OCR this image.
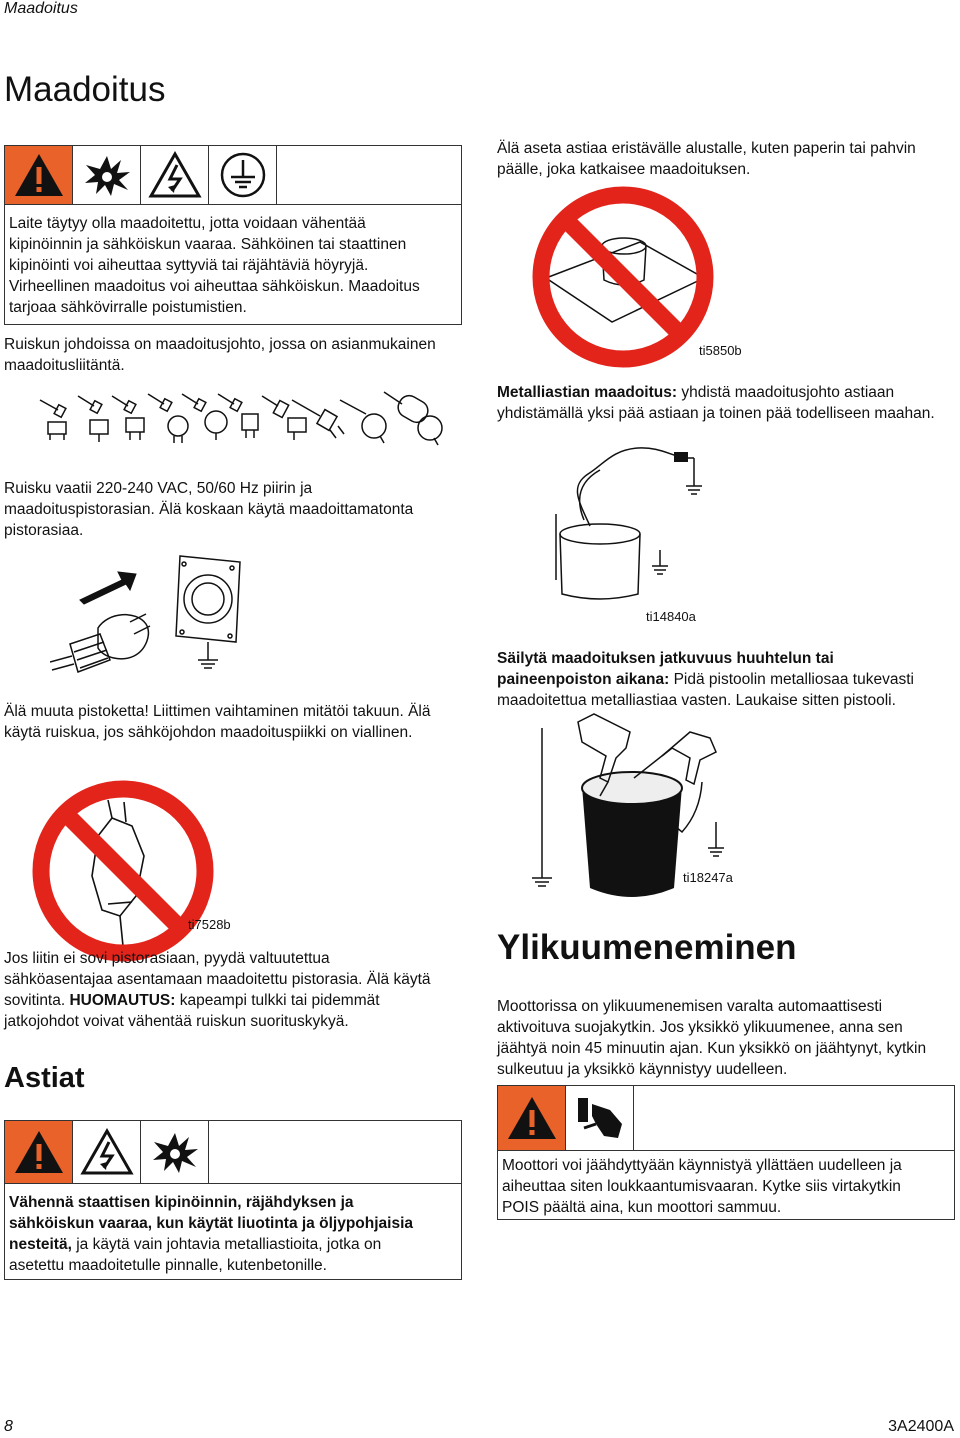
Maadoitus
Maadoitus
Laite täytyy olla maadoitettu, jotta voidaan vähentää
kipinöinnin ja sähköiskun vaaraa. Sähköinen tai staattinen
kipinöinti voi aiheuttaa syttyviä tai räjähtäviä höyryjä.
Virheellinen maadoitus voi aiheuttaa sähköiskun. Maadoitus
tarjoaa sähkövirralle poistumistien.
Ruiskun johdoissa on maadoitusjohto, jossa on asianmukainen
maadoitusliitäntä.
Ruisku vaatii 220-240 VAC, 50/60 Hz piirin ja
maadoituspistorasian. Älä koskaan käytä maadoittamatonta
pistorasiaa.
Älä muuta pistoketta! Liittimen vaihtaminen mitätöi takuun. Älä
käytä ruiskua, jos sähköjohdon maadoituspiikki on viallinen.
ti7528b
Jos liitin ei sovi pistorasiaan, pyydä valtuutettua
sähköasentajaa asentamaan maadoitettu pistorasia. Älä käytä
sovitinta. HUOMAUTUS: kapeampi tulkki tai pidemmät
jatkojohdot voivat vähentää ruiskun suorituskykyä.
Astiat
Vähennä staattisen kipinöinnin, räjähdyksen ja
sähköiskun vaaraa, kun käytät liuotinta ja öljypohjaisia
nesteitä, ja käytä vain johtavia metalliastioita, jotka on
asetettu maadoitetulle pinnalle, kutenbetonille.
Älä aseta astiaa eristävälle alustalle, kuten paperin tai pahvin
päälle, joka katkaisee maadoituksen.
ti5850b
Metalliastian maadoitus: yhdistä maadoitusjohto astiaan
yhdistämällä yksi pää astiaan ja toinen pää todelliseen maahan.
ti14840a
Säilytä maadoituksen jatkuvuus huuhtelun tai
paineenpoiston aikana: Pidä pistoolin metalliosaa tukevasti
maadoitettua metalliastiaa vasten. Laukaise sitten pistooli.
ti18247a
Ylikuumeneminen
Moottorissa on ylikuumenemisen varalta automaattisesti
aktivoituva suojakytkin. Jos yksikkö ylikuumenee, anna sen
jäähtyä noin 45 minuutin ajan. Kun yksikkö on jäähtynyt, kytkin
sulkeutuu ja yksikkö käynnistyy uudelleen.
Moottori voi jäähdyttyään käynnistyä yllättäen uudelleen ja
aiheuttaa siten loukkaantumisvaaran. Kytke siis virtakytkin
POIS päältä aina, kun moottori sammuu.
8	3A2400A
